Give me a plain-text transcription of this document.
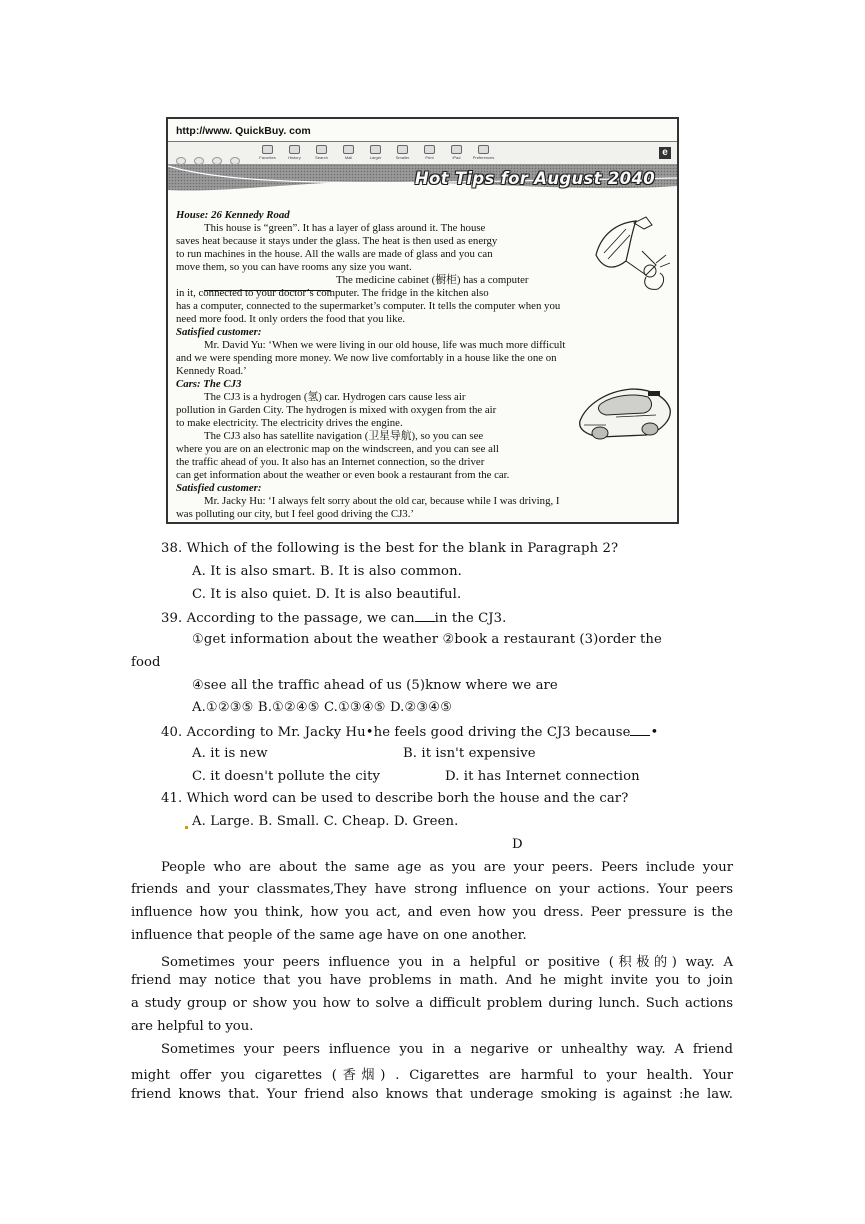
http://www. QuickBuy. com
Favorites	History	Search	Mail	Larger	Smaller	Print	iPad	Preferences	e
Hot Tips for August 2040
House: 26 Kennedy Road
This house is “green”. It has a layer of glass around it. The house
saves heat because it stays under the glass. The heat is then used as energy
to run machines in the house. All the walls are made of glass and you can
move them, so you can have rooms any size you want.
The medicine cabinet (橱柜) has a computer
in it, connected to your doctor’s computer. The fridge in the kitchen also
has a computer, connected to the supermarket’s computer. It tells the computer when you
need more food. It only orders the food that you like.
Satisfied customer:
Mr. David Yu: ‘When we were living in our old house, life was much more difficult
and we were spending more money. We now live comfortably in a house like the one on
Kennedy Road.’
Cars: The CJ3
The CJ3 is a hydrogen (氢) car. Hydrogen cars cause less air
pollution in Garden City. The hydrogen is mixed with oxygen from the air
to make electricity. The electricity drives the engine.
The CJ3 also has satellite navigation (卫星导航), so you can see
where you are on an electronic map on the windscreen, and you can see all
the traffic ahead of you. It also has an Internet connection, so the driver
can get information about the weather or even book a restaurant from the car.
Satisfied customer:
Mr. Jacky Hu: ‘I always felt sorry about the old car, because while I was driving, I
was polluting our city, but I feel good driving the CJ3.’
38. Which of the following is the best for the blank in Paragraph 2?
A. It is also smart. B. It is also common.
C. It is also quiet. D. It is also beautiful.
39. According to the passage, we can in the CJ3.
①get information about the weather ②book a restaurant (3)order the
food
④see all the traffic ahead of us (5)know where we are
A.①②③⑤ B.①②④⑤ C.①③④⑤ D.②③④⑤
40. According to Mr. Jacky Hu•he feels good driving the CJ3 because •
A. it is new	B. it isn't expensive
C. it doesn't pollute the city	D. it has Internet connection
41. Which word can be used to describe borh the house and the car?
A. Large. B. Small. C. Cheap. D. Green.
D
People who are about the same age as you are your peers. Peers include your
friends and your classmates,They have strong influence on your actions. Your peers
influence how you think, how you act, and even how you dress. Peer pressure is the
influence that people of the same age have on one another.
Sometimes your peers influence you in a helpful or positive (积极的) way. A
friend may notice that you have problems in math. And he might invite you to join
a study group or show you how to solve a difficult problem during lunch. Such actions
are helpful to you.
Sometimes your peers influence you in a negarive or unhealthy way. A friend
might offer you cigarettes (香烟) . Cigarettes are harmful to your health. Your
friend knows that. Your friend also knows that underage smoking is against :he law.
